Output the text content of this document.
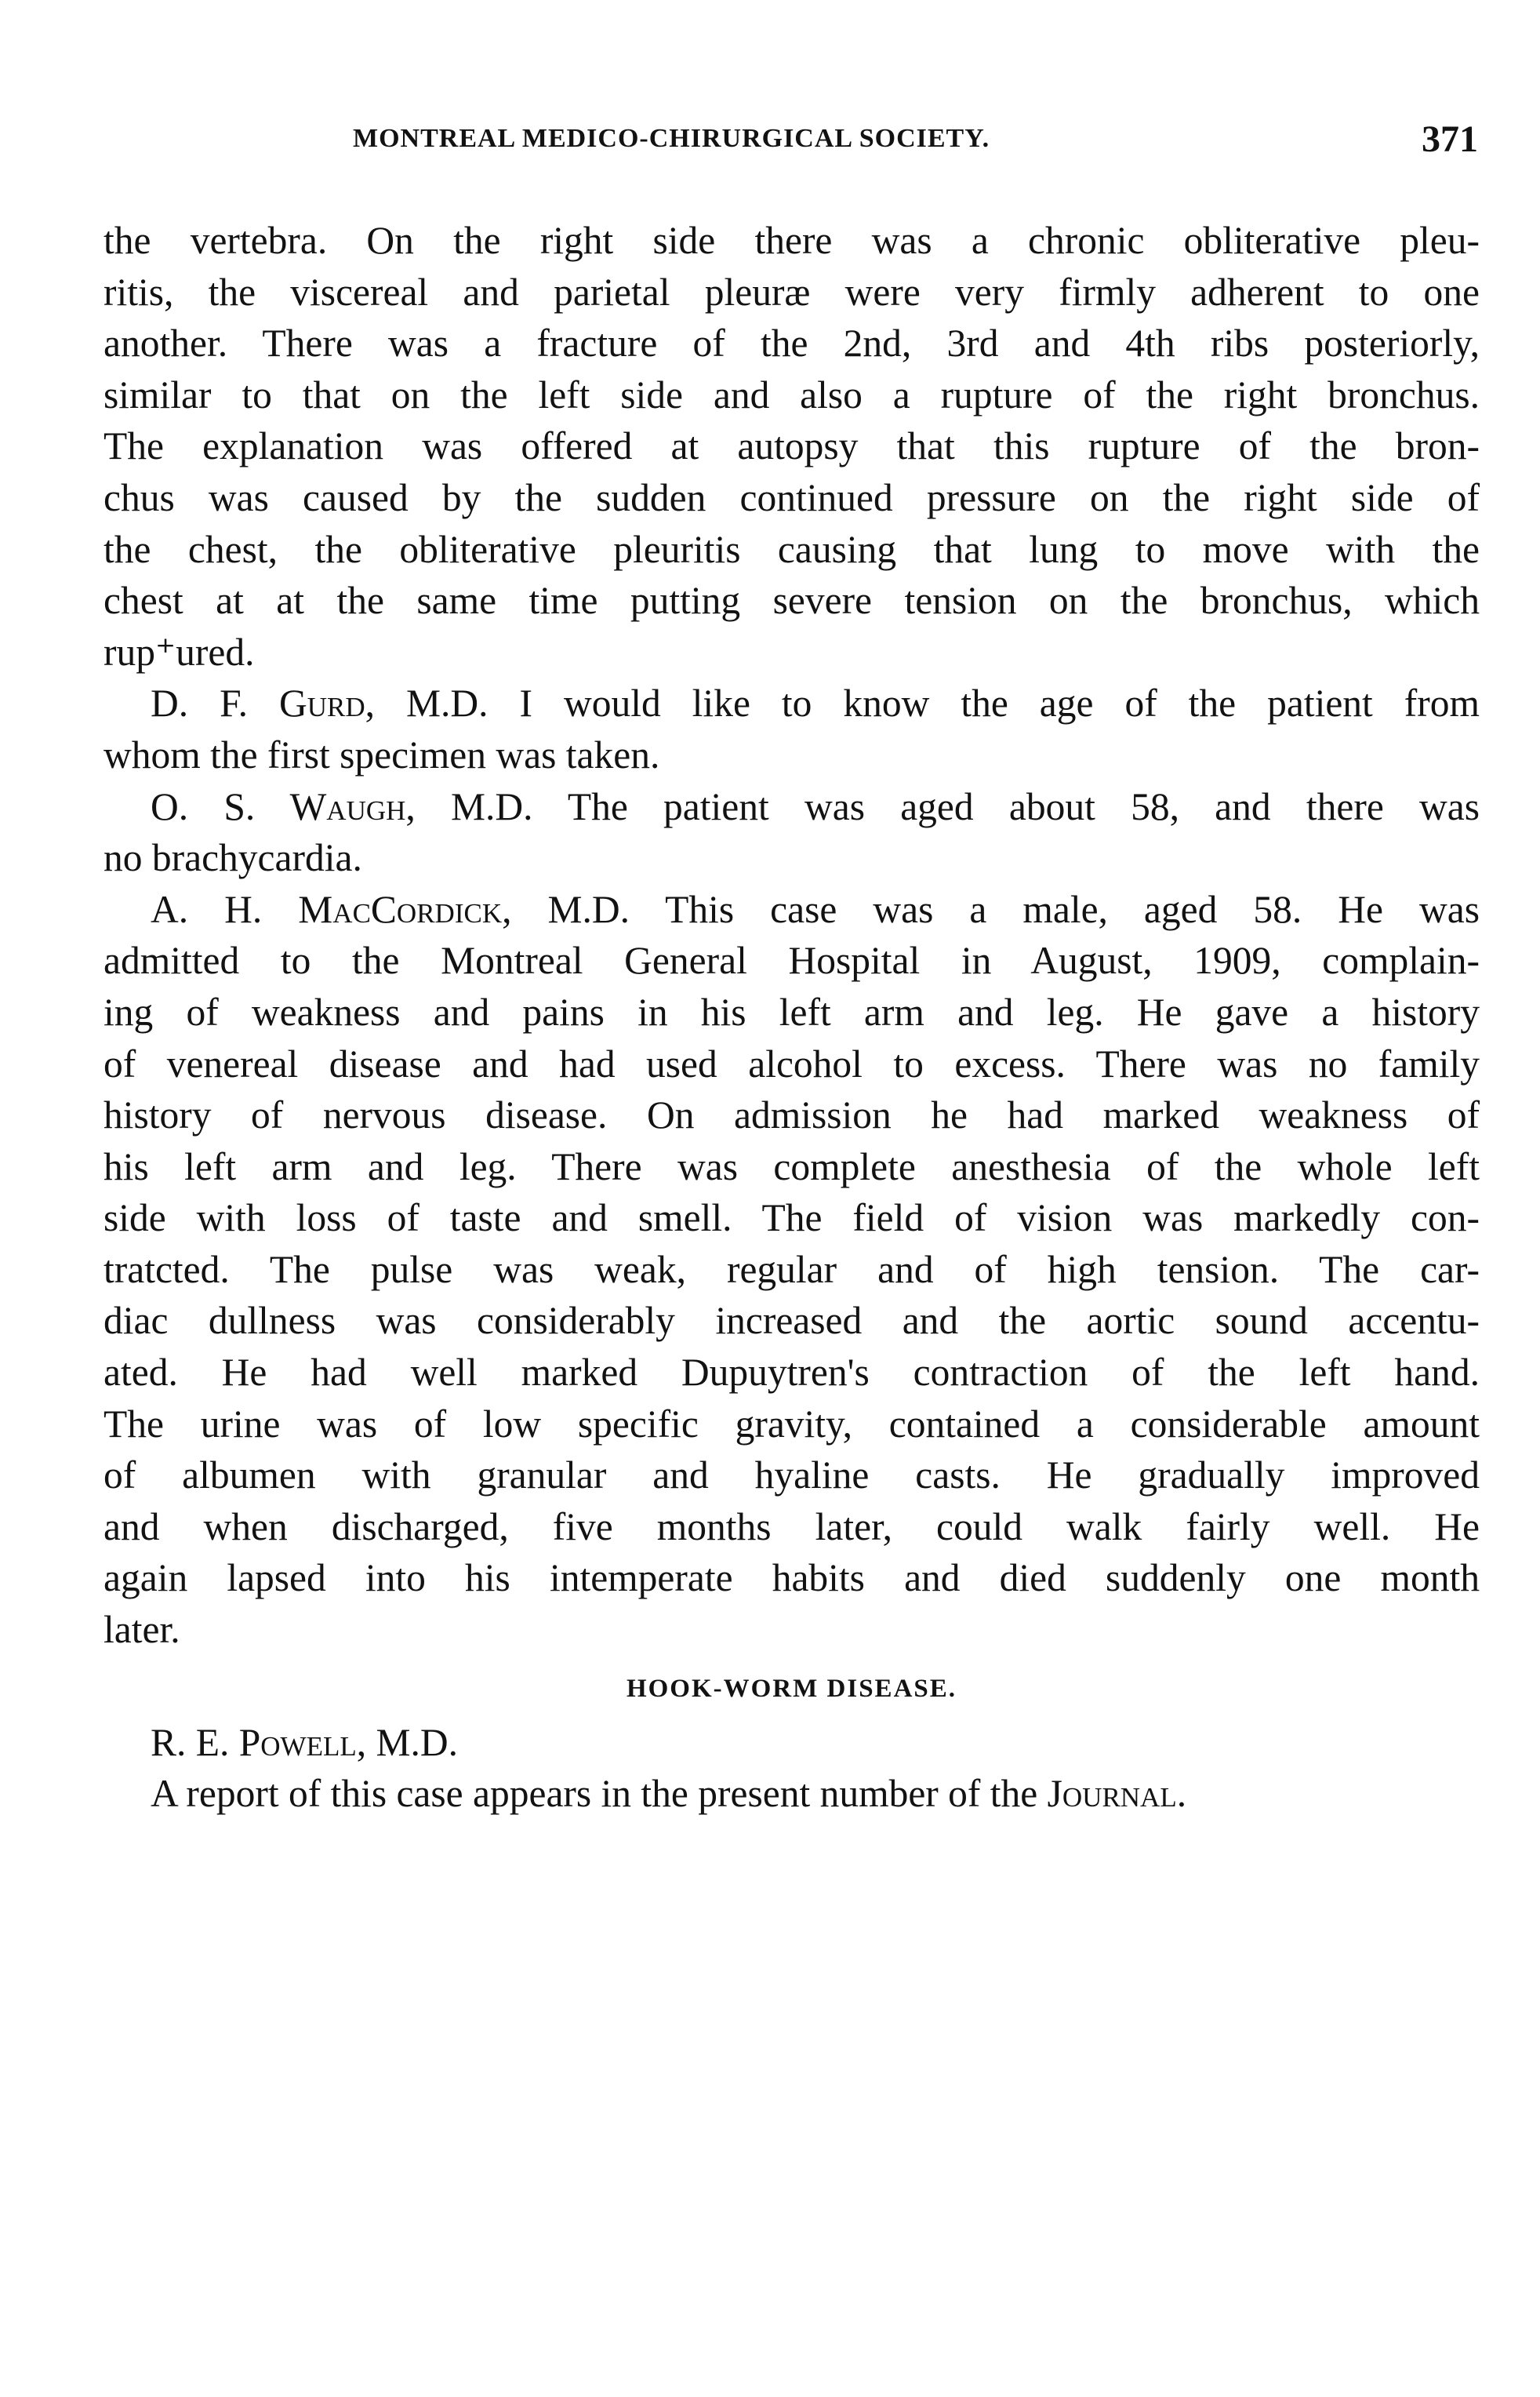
MONTREAL MEDICO-CHIRURGICAL SOCIETY.	371
the vertebra. On the right side there was a chronic obliterative pleu-
ritis, the viscereal and parietal pleuræ were very firmly adherent to one
another. There was a fracture of the 2nd, 3rd and 4th ribs posteriorly,
similar to that on the left side and also a rupture of the right bronchus.
The explanation was offered at autopsy that this rupture of the bron-
chus was caused by the sudden continued pressure on the right side of
the chest, the obliterative pleuritis causing that lung to move with the
chest at at the same time putting severe tension on the bronchus, which
rup⁺ured.
D. F. Gurd, M.D. I would like to know the age of the patient from
whom the first specimen was taken.
O. S. Waugh, M.D. The patient was aged about 58, and there was
no brachycardia.
A. H. MacCordick, M.D. This case was a male, aged 58. He was
admitted to the Montreal General Hospital in August, 1909, complain-
ing of weakness and pains in his left arm and leg. He gave a history
of venereal disease and had used alcohol to excess. There was no family
history of nervous disease. On admission he had marked weakness of
his left arm and leg. There was complete anesthesia of the whole left
side with loss of taste and smell. The field of vision was markedly con-
tratcted. The pulse was weak, regular and of high tension. The car-
diac dullness was considerably increased and the aortic sound accentu-
ated. He had well marked Dupuytren's contraction of the left hand.
The urine was of low specific gravity, contained a considerable amount
of albumen with granular and hyaline casts. He gradually improved
and when discharged, five months later, could walk fairly well. He
again lapsed into his intemperate habits and died suddenly one month
later.
HOOK-WORM DISEASE.
R. E. Powell, M.D.
A report of this case appears in the present number of the Journal.
